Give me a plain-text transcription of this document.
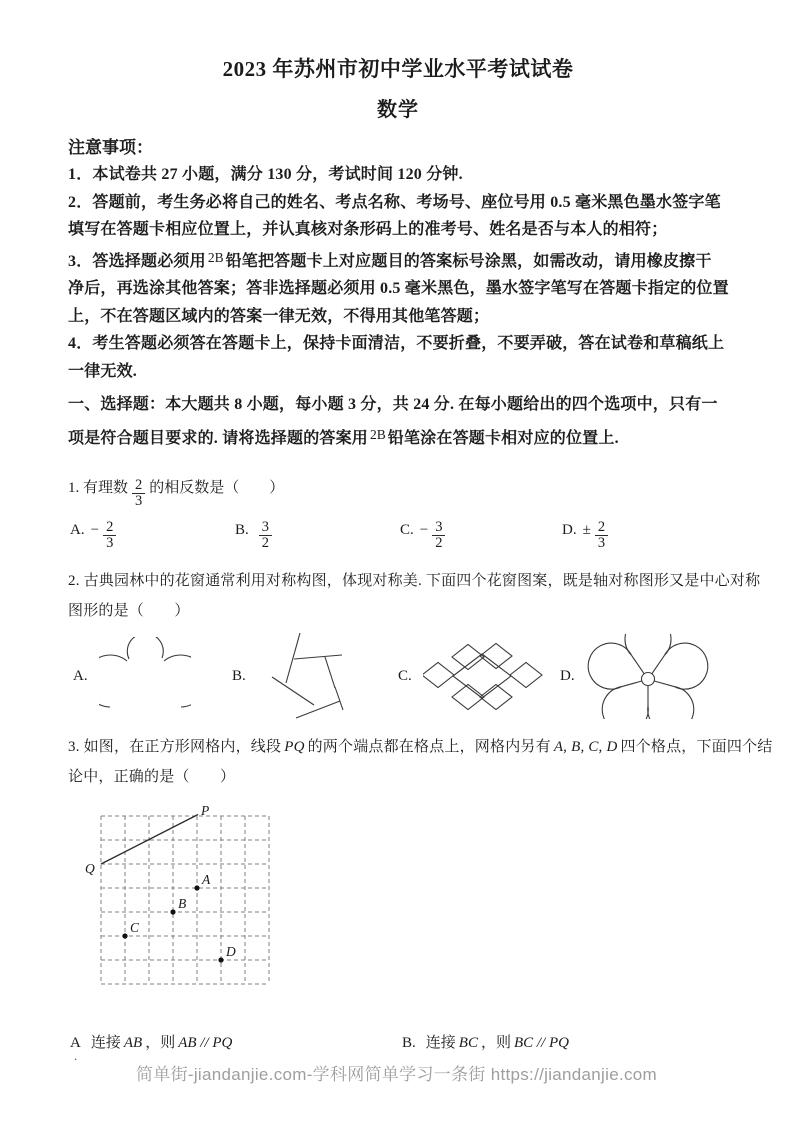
2023 年苏州市初中学业水平考试试卷
数学
注意事项：
1．本试卷共 27 小题，满分 130 分，考试时间 120 分钟.
2．答题前，考生务必将自己的姓名、考点名称、考场号、座位号用 0.5 毫米黑色墨水签字笔
填写在答题卡相应位置上，并认真核对条形码上的准考号、姓名是否与本人的相符；
3．答选择题必须用 $^{2B}$ 铅笔把答题卡上对应题目的答案标号涂黑，如需改动，请用橡皮擦干
净后，再选涂其他答案；答非选择题必须用 0.5 毫米黑色，墨水签字笔写在答题卡指定的位置
上，不在答题区域内的答案一律无效，不得用其他笔答题；
4．考生答题必须答在答题卡上，保持卡面清洁，不要折叠，不要弄破，答在试卷和草稿纸上
一律无效.
一、选择题：本大题共 8 小题，每小题 3 分，共 24 分. 在每小题给出的四个选项中，只有一
项是符合题目要求的. 请将选择题的答案用 $^{2B}$ 铅笔涂在答题卡相对应的位置上.
1. 有理数 $\frac{2}{3}$ 的相反数是（　　）
A. − $\frac{2}{3}$	B. $\frac{3}{2}$	C. − $\frac{3}{2}$	D. ± $\frac{2}{3}$
2. 古典园林中的花窗通常利用对称构图，体现对称美. 下面四个花窗图案，既是轴对称图形又是中心对称
图形的是（　　）
A.	B.	C.	D.
3. 如图，在正方形网格内，线段 PQ 的两个端点都在格点上，网格内另有 A, B, C, D 四个格点，下面四个结
论中，正确的是（　　）
P
Q
A
B
C
D
A 连接 AB ，则 AB // PQ
.
B. 连接 BC ，则 BC // PQ
简单街-jiandanjie.com-学科网简单学习一条街 https://jiandanjie.com
